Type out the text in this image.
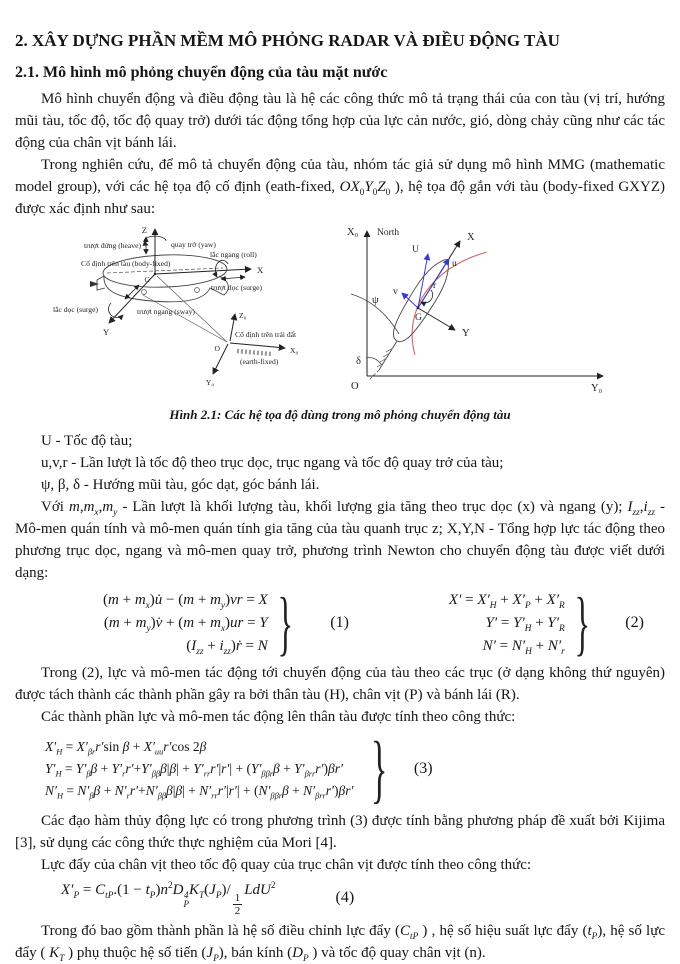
2. XÂY DỰNG PHẦN MỀM MÔ PHỎNG RADAR VÀ ĐIỀU ĐỘNG TÀU
2.1. Mô hình mô phỏng chuyển động của tàu mặt nước

Mô hình chuyển động và điều động tàu là hệ các công thức mô tả trạng thái của con tàu (vị trí, hướng mũi tàu, tốc độ, tốc độ quay trở) dưới tác động tổng hợp của lực cản nước, gió, dòng chảy cũng như các tác động của chân vịt bánh lái.

Trong nghiên cứu, để mô tả chuyển động của tàu, nhóm tác giả sử dụng mô hình MMG (mathematic model group), với các hệ tọa độ cố định (eath-fixed, $OX_0Y_0Z_0$ ), hệ tọa độ gắn với tàu (body-fixed GXYZ) được xác định như sau:

Z
trượt đứng (heave)	quay trở (yaw)
lắc ngang (roll)
X
trượt dọc (surge)
Y
trượt ngang (sway)
lắc dọc (surge)
Cố định trên tàu (body-fixed)
G
O
Z₀
X₀
Y₀
Cố định trên trái đất
(earth-fixed)
X₀ North
Y₀
O
X
Y
U
u
v
r
G
ψ
δ
Hình 2.1: Các hệ tọa độ dùng trong mô phỏng chuyển động tàu
U - Tốc độ tàu;
u,v,r - Lần lượt là tốc độ theo trục dọc, trục ngang và tốc độ quay trở của tàu;
ψ, β, δ - Hướng mũi tàu, góc dạt, góc bánh lái.

Với $m,m_x,m_y$ - Lần lượt là khối lượng tàu, khối lượng gia tăng theo trục dọc (x) và ngang (y); $I_{zz},i_{zz}$ - Mô-men quán tính và mô-men quán tính gia tăng của tàu quanh trục z; X,Y,N - Tổng hợp lực tác động theo phương trục dọc, ngang và mô-men quay trở, phương trình Newton cho chuyển động tàu được viết dưới dạng:

$(m + m_x)u̇ - (m + m_y)vr = X$
$(m + m_y)v̇ + (m + m_x)ur = Y$
($I_{zz}$ + $i_{zz})ṙ = N$ } (1)
$X' = X'_H + X'_P + X'_R$
$Y' = Y'_H + Y'_R$
$N' = N'_H + N'_r$ } (2)

Trong (2), lực và mô-men tác động tới chuyển động của tàu theo các trục (ở dạng không thứ nguyên) được tách thành các thành phần gây ra bởi thân tàu (H), chân vịt (P) và bánh lái (R).

Các thành phần lực và mô-men tác động lên thân tàu được tính theo công thức:

$X'_H = X'_{\beta r}r'\sin$ $\beta + X'_{uu}r'\cos$ 2β
$Y'_H = Y'_\beta\beta + Y'_rr'+Y'_{\beta\beta}\beta|\beta| + Y'_{rr}r'|r'| + (Y'_{\beta\beta r}\beta + Y'_{\beta rr}r')\beta r'$
$N'_H = N'_\beta\beta + N'_rr'+N'_{\beta\beta}\beta|\beta| + N'_{rr}r'|r'| + (N'_{\beta\beta r}\beta + N'_{\beta rr}r')\beta r'$ } (3)

Các đạo hàm thủy động lực có trong phương trình (3) được tính bằng phương pháp đề xuất bởi Kijima [3], sử dụng các công thức thực nghiệm của Mori [4].

Lực đẩy của chân vịt theo tốc độ quay của trục chân vịt được tính theo công thức:

$X'_P = C_{tP}.(1 - t_P)n^2D$ 4
P
$K_T(J_P)/$
$\frac{1}{2}$
LdU$^2$
(4)

Trong đó bao gồm thành phần là hệ số điều chỉnh lực đẩy ($C_{tP}$ ) , hệ số hiệu suất lực đẩy $(t_P)$, hệ số lực đẩy ( $K_T$ ) phụ thuộc hệ số tiến $(J_P)$, bán kính ($D_P$ ) và tốc độ quay chân vịt (n).
